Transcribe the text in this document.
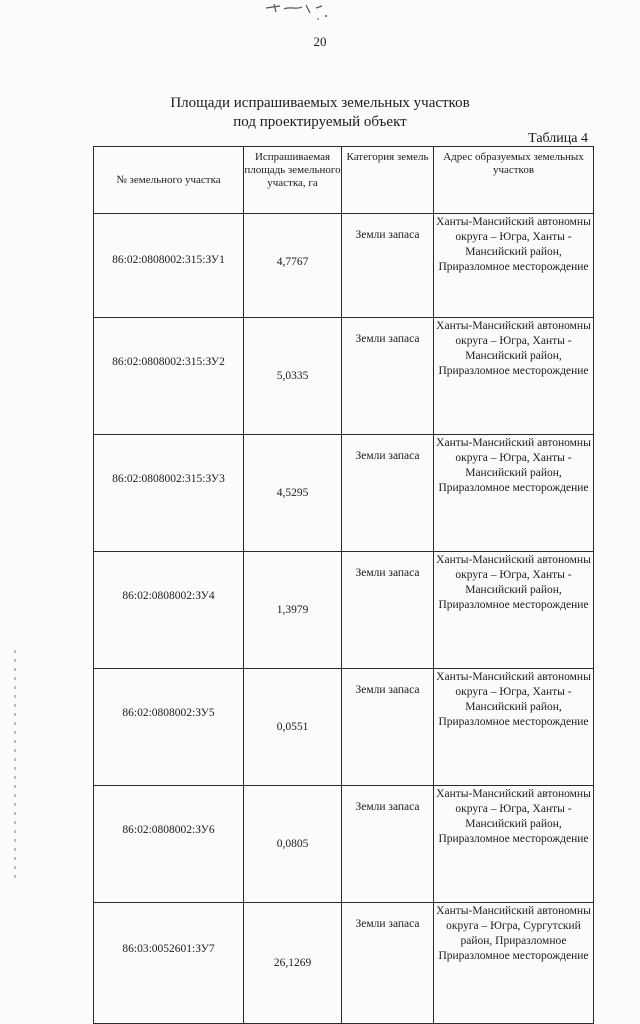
20
Площади испрашиваемых земельных участков
под проектируемый объект
Таблица 4
№ земельного участка	Испрашиваемая площадь земельного участка, га	Категория земель	Адрес образуемых земельных участков
86:02:0808002:315:ЗУ1	4,7767	Земли запаса	Ханты-Мансийский автономны округа – Югра, Ханты - Мансийский район, Приразломное месторождение
86:02:0808002:315:ЗУ2	5,0335	Земли запаса	Ханты-Мансийский автономны округа – Югра, Ханты - Мансийский район, Приразломное месторождение
86:02:0808002:315:ЗУ3	4,5295	Земли запаса	Ханты-Мансийский автономны округа – Югра, Ханты - Мансийский район, Приразломное месторождение
86:02:0808002:ЗУ4	1,3979	Земли запаса	Ханты-Мансийский автономны округа – Югра, Ханты - Мансийский район, Приразломное месторождение
86:02:0808002:ЗУ5	0,0551	Земли запаса	Ханты-Мансийский автономны округа – Югра, Ханты - Мансийский район, Приразломное месторождение
86:02:0808002:ЗУ6	0,0805	Земли запаса	Ханты-Мансийский автономны округа – Югра, Ханты - Мансийский район, Приразломное месторождение
86:03:0052601:ЗУ7	26,1269	Земли запаса	Ханты-Мансийский автономны округа – Югра, Сургутский район, Приразломное Приразломное месторождение
